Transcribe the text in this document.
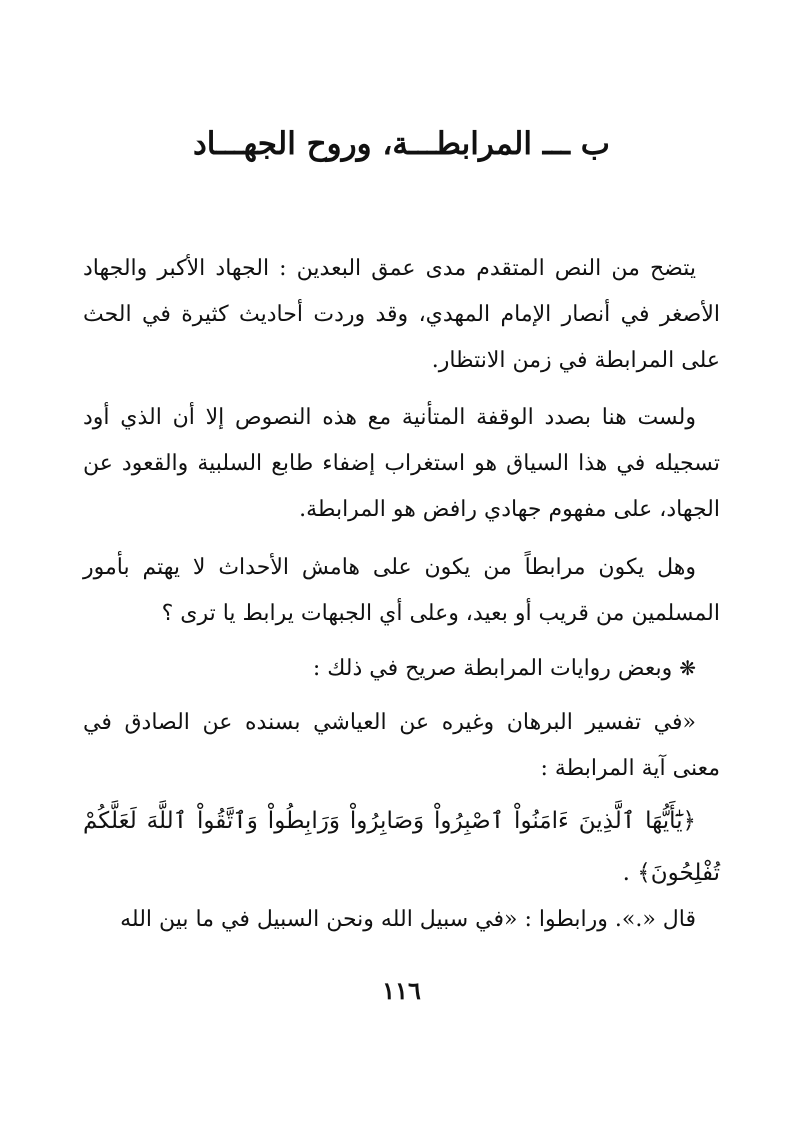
ب ـــ المرابطـــة، وروح الجهـــاد

يتضح من النص المتقدم مدى عمق البعدين : الجهاد الأكبر والجهاد الأصغر في أنصار الإمام المهدي، وقد وردت أحاديث كثيرة في الحث على المرابطة في زمن الانتظار.

ولست هنا بصدد الوقفة المتأنية مع هذه النصوص إلا أن الذي أود تسجيله في هذا السياق هو استغراب إضفاء طابع السلبية والقعود عن الجهاد، على مفهوم جهادي رافض هو المرابطة.

وهل يكون مرابطاً من يكون على هامش الأحداث لا يهتم بأمور المسلمين من قريب أو بعيد، وعلى أي الجبهات يرابط يا ترى ؟

❋ وبعض روايات المرابطة صريح في ذلك :

«في تفسير البرهان وغيره عن العياشي بسنده عن الصادق في معنى آية المرابطة :

﴿يَٰٓأَيُّهَا ٱلَّذِينَ ءَامَنُواْ ٱصْبِرُواْ وَصَابِرُواْ وَرَابِطُواْ وَٱتَّقُواْ ٱللَّهَ لَعَلَّكُمْ تُفْلِحُونَ﴾ .

قال «.». ورابطوا : «في سبيل الله ونحن السبيل في ما بين الله

١١٦
